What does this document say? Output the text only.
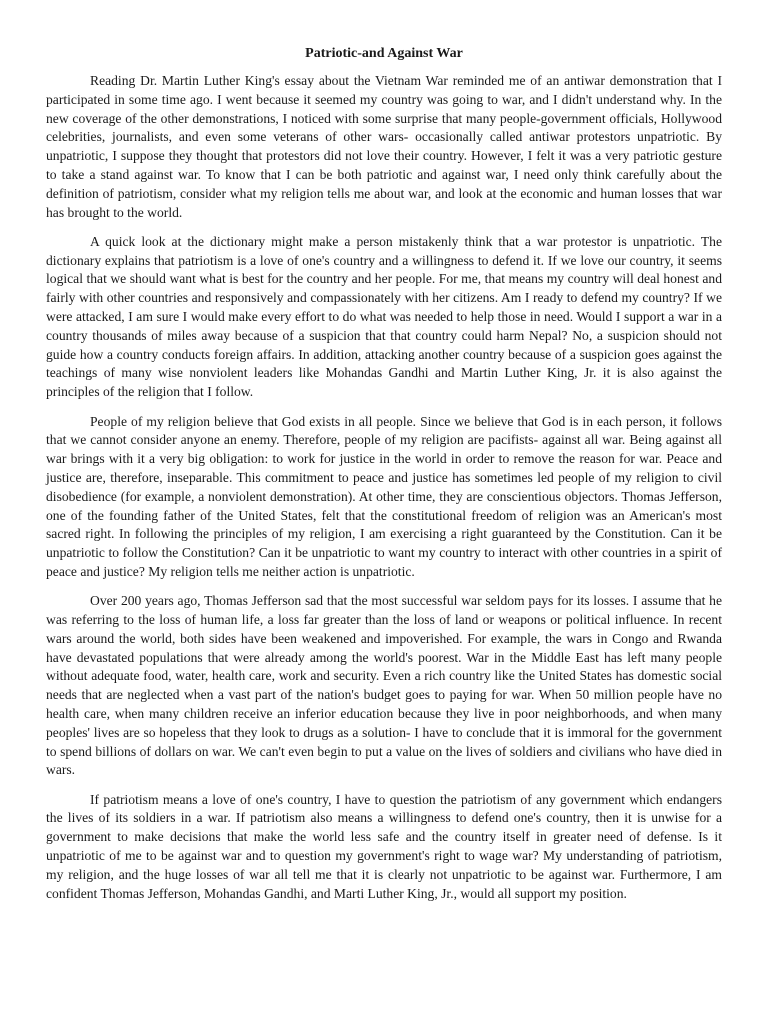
Patriotic-and Against War

Reading Dr. Martin Luther King's essay about the Vietnam War reminded me of an antiwar demonstration that I participated in some time ago. I went because it seemed my country was going to war, and I didn't understand why. In the new coverage of the other demonstrations, I noticed with some surprise that many people-government officials, Hollywood celebrities, journalists, and even some veterans of other wars- occasionally called antiwar protestors unpatriotic. By unpatriotic, I suppose they thought that protestors did not love their country. However, I felt it was a very patriotic gesture to take a stand against war. To know that I can be both patriotic and against war, I need only think carefully about the definition of patriotism, consider what my religion tells me about war, and look at the economic and human losses that war has brought to the world.

A quick look at the dictionary might make a person mistakenly think that a war protestor is unpatriotic. The dictionary explains that patriotism is a love of one's country and a willingness to defend it. If we love our country, it seems logical that we should want what is best for the country and her people. For me, that means my country will deal honest and fairly with other countries and responsively and compassionately with her citizens. Am I ready to defend my country? If we were attacked, I am sure I would make every effort to do what was needed to help those in need. Would I support a war in a country thousands of miles away because of a suspicion that that country could harm Nepal? No, a suspicion should not guide how a country conducts foreign affairs. In addition, attacking another country because of a suspicion goes against the teachings of many wise nonviolent leaders like Mohandas Gandhi and Martin Luther King, Jr. it is also against the principles of the religion that I follow.

People of my religion believe that God exists in all people. Since we believe that God is in each person, it follows that we cannot consider anyone an enemy. Therefore, people of my religion are pacifists- against all war. Being against all war brings with it a very big obligation: to work for justice in the world in order to remove the reason for war. Peace and justice are, therefore, inseparable. This commitment to peace and justice has sometimes led people of my religion to civil disobedience (for example, a nonviolent demonstration). At other time, they are conscientious objectors. Thomas Jefferson, one of the founding father of the United States, felt that the constitutional freedom of religion was an American's most sacred right. In following the principles of my religion, I am exercising a right guaranteed by the Constitution. Can it be unpatriotic to follow the Constitution? Can it be unpatriotic to want my country to interact with other countries in a spirit of peace and justice? My religion tells me neither action is unpatriotic.

Over 200 years ago, Thomas Jefferson sad that the most successful war seldom pays for its losses. I assume that he was referring to the loss of human life, a loss far greater than the loss of land or weapons or political influence. In recent wars around the world, both sides have been weakened and impoverished. For example, the wars in Congo and Rwanda have devastated populations that were already among the world's poorest. War in the Middle East has left many people without adequate food, water, health care, work and security. Even a rich country like the United States has domestic social needs that are neglected when a vast part of the nation's budget goes to paying for war. When 50 million people have no health care, when many children receive an inferior education because they live in poor neighborhoods, and when many peoples' lives are so hopeless that they look to drugs as a solution- I have to conclude that it is immoral for the government to spend billions of dollars on war. We can't even begin to put a value on the lives of soldiers and civilians who have died in wars.

If patriotism means a love of one's country, I have to question the patriotism of any government which endangers the lives of its soldiers in a war. If patriotism also means a willingness to defend one's country, then it is unwise for a government to make decisions that make the world less safe and the country itself in greater need of defense. Is it unpatriotic of me to be against war and to question my government's right to wage war? My understanding of patriotism, my religion, and the huge losses of war all tell me that it is clearly not unpatriotic to be against war. Furthermore, I am confident Thomas Jefferson, Mohandas Gandhi, and Marti Luther King, Jr., would all support my position.
